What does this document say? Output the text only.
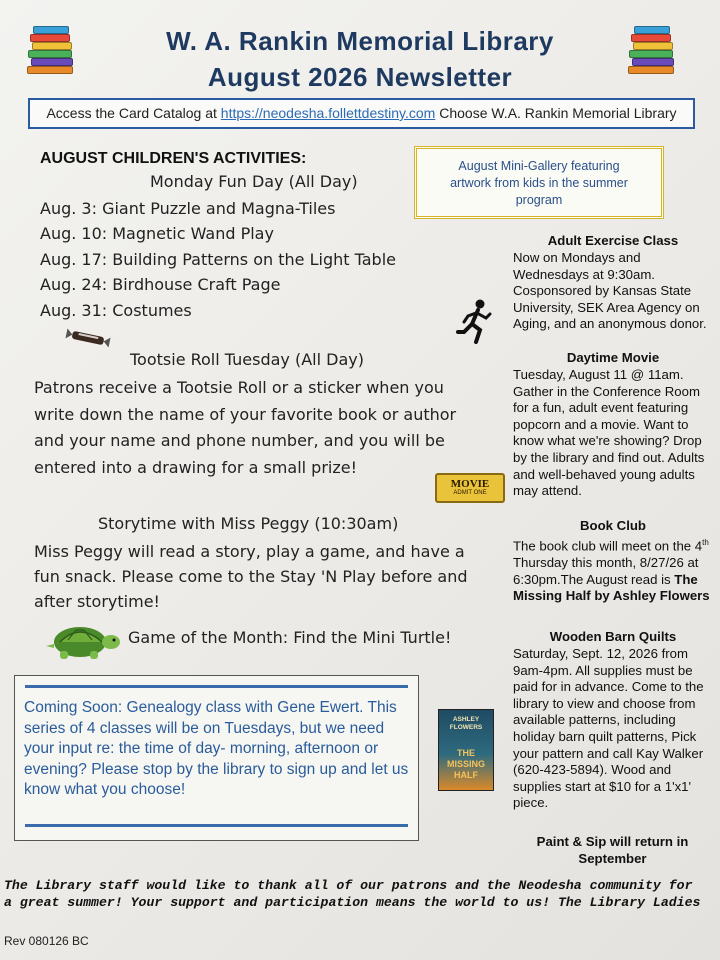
W. A. Rankin Memorial Library
August 2026 Newsletter
Access the Card Catalog at https://neodesha.follettdestiny.com Choose W.A. Rankin Memorial Library
AUGUST CHILDREN'S ACTIVITIES:
Monday Fun Day (All Day)
Aug. 3: Giant Puzzle and Magna-Tiles
Aug. 10: Magnetic Wand Play
Aug. 17: Building Patterns on the Light Table
Aug. 24: Birdhouse Craft Page
Aug. 31: Costumes
Tootsie Roll Tuesday (All Day)
Patrons receive a Tootsie Roll or a sticker when you write down the name of your favorite book or author and your name and phone number, and you will be entered into a drawing for a small prize!
Storytime with Miss Peggy (10:30am)
Miss Peggy will read a story, play a game, and have a fun snack. Please come to the Stay 'N Play before and after storytime!
Game of the Month: Find the Mini Turtle!
Coming Soon: Genealogy class with Gene Ewert. This series of 4 classes will be on Tuesdays, but we need your input re: the time of day- morning, afternoon or evening? Please stop by the library to sign up and let us know what you choose!
August Mini-Gallery featuring artwork from kids in the summer program
Adult Exercise Class
Now on Mondays and Wednesdays at 9:30am. Cosponsored by Kansas State University, SEK Area Agency on Aging, and an anonymous donor.
Daytime Movie
Tuesday, August 11 @ 11am. Gather in the Conference Room for a fun, adult event featuring popcorn and a movie. Want to know what we're showing? Drop by the library and find out. Adults and well-behaved young adults may attend.
MOVIE
ADMIT ONE
Book Club
The book club will meet on the 4th Thursday this month, 8/27/26 at 6:30pm.The August read is The Missing Half by Ashley Flowers
Wooden Barn Quilts
Saturday, Sept. 12, 2026 from 9am-4pm. All supplies must be paid for in advance. Come to the library to view and choose from available patterns, including holiday barn quilt patterns, Pick your pattern and call Kay Walker (620-423-5894). Wood and supplies start at $10 for a 1'x1' piece.
ASHLEY FLOWERS
THE MISSING HALF
Paint & Sip will return in September
The Library staff would like to thank all of our patrons and the Neodesha community for a great summer! Your support and participation means the world to us! The Library Ladies
Rev 080126 BC
